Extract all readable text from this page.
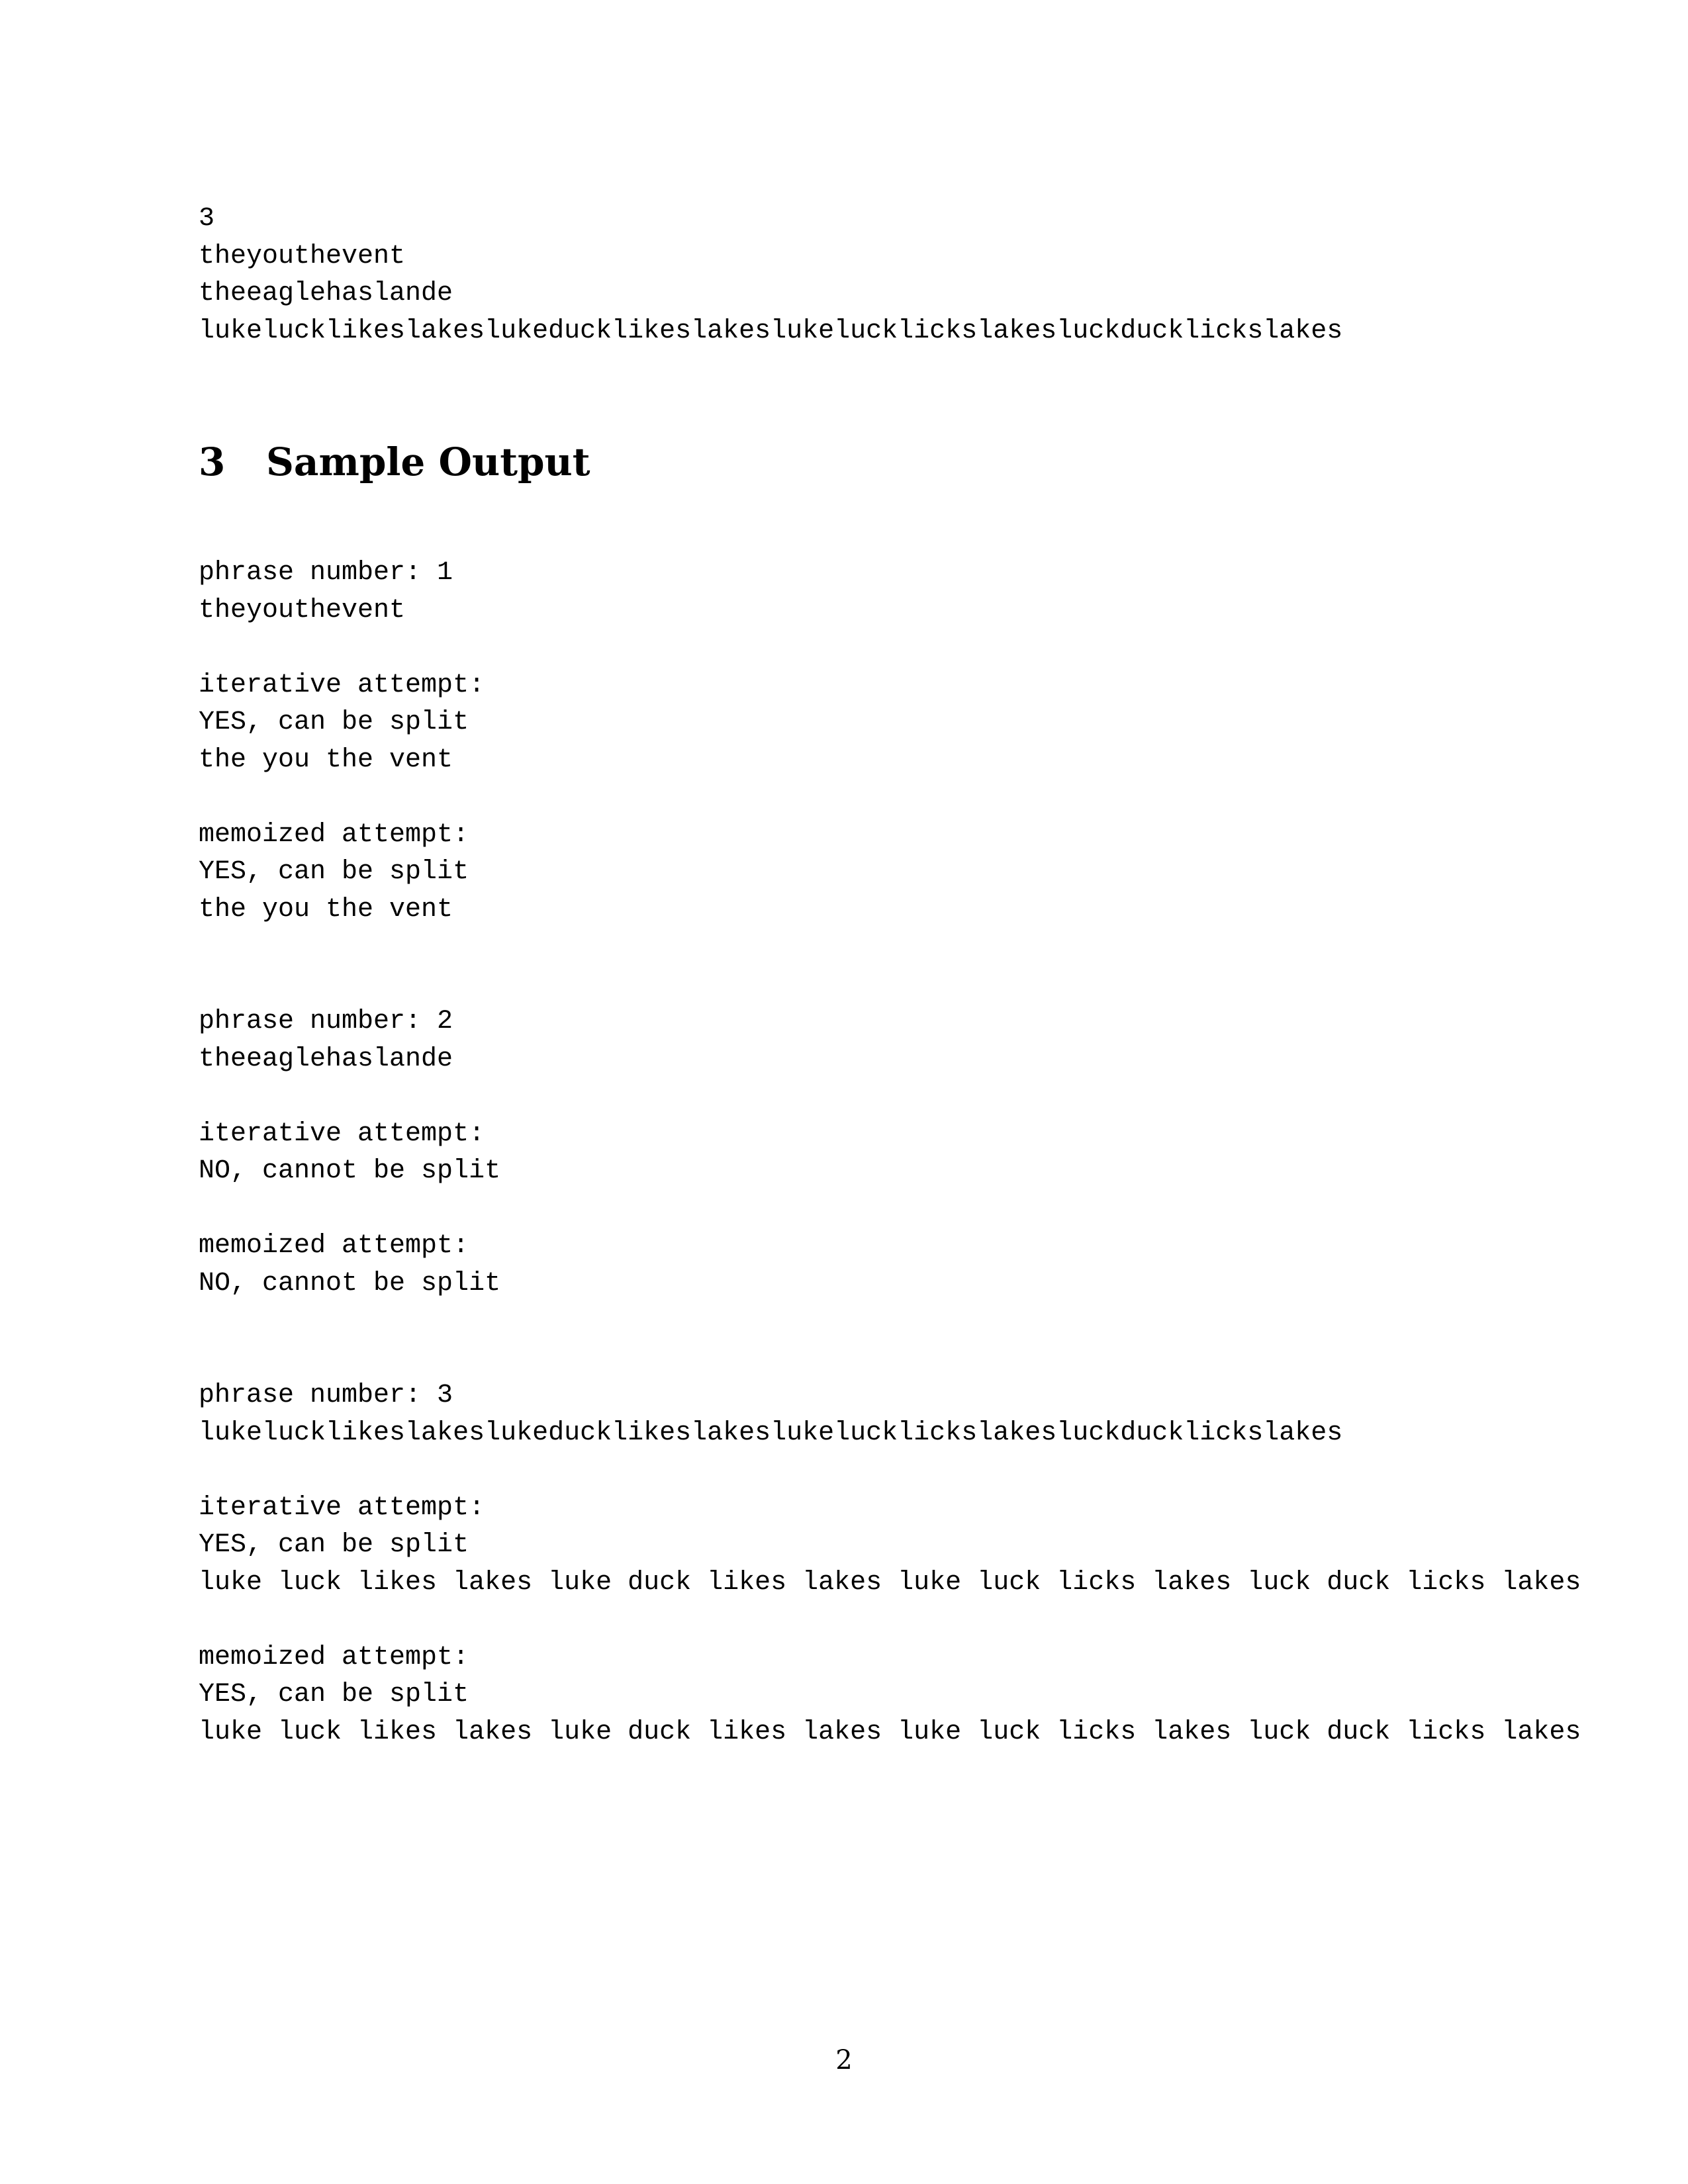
3
theyouthevent
theeaglehaslande
lukelucklikeslakeslukeducklikeslakeslukelucklickslakesluckducklickslakes
3 Sample Output
phrase number: 1
theyouthevent
iterative attempt:
YES, can be split
the you the vent
memoized attempt:
YES, can be split
the you the vent
phrase number: 2
theeaglehaslande
iterative attempt:
NO, cannot be split
memoized attempt:
NO, cannot be split
phrase number: 3
lukelucklikeslakeslukeducklikeslakeslukelucklickslakesluckducklickslakes
iterative attempt:
YES, can be split
luke luck likes lakes luke duck likes lakes luke luck licks lakes luck duck licks lakes
memoized attempt:
YES, can be split
luke luck likes lakes luke duck likes lakes luke luck licks lakes luck duck licks lakes
2
